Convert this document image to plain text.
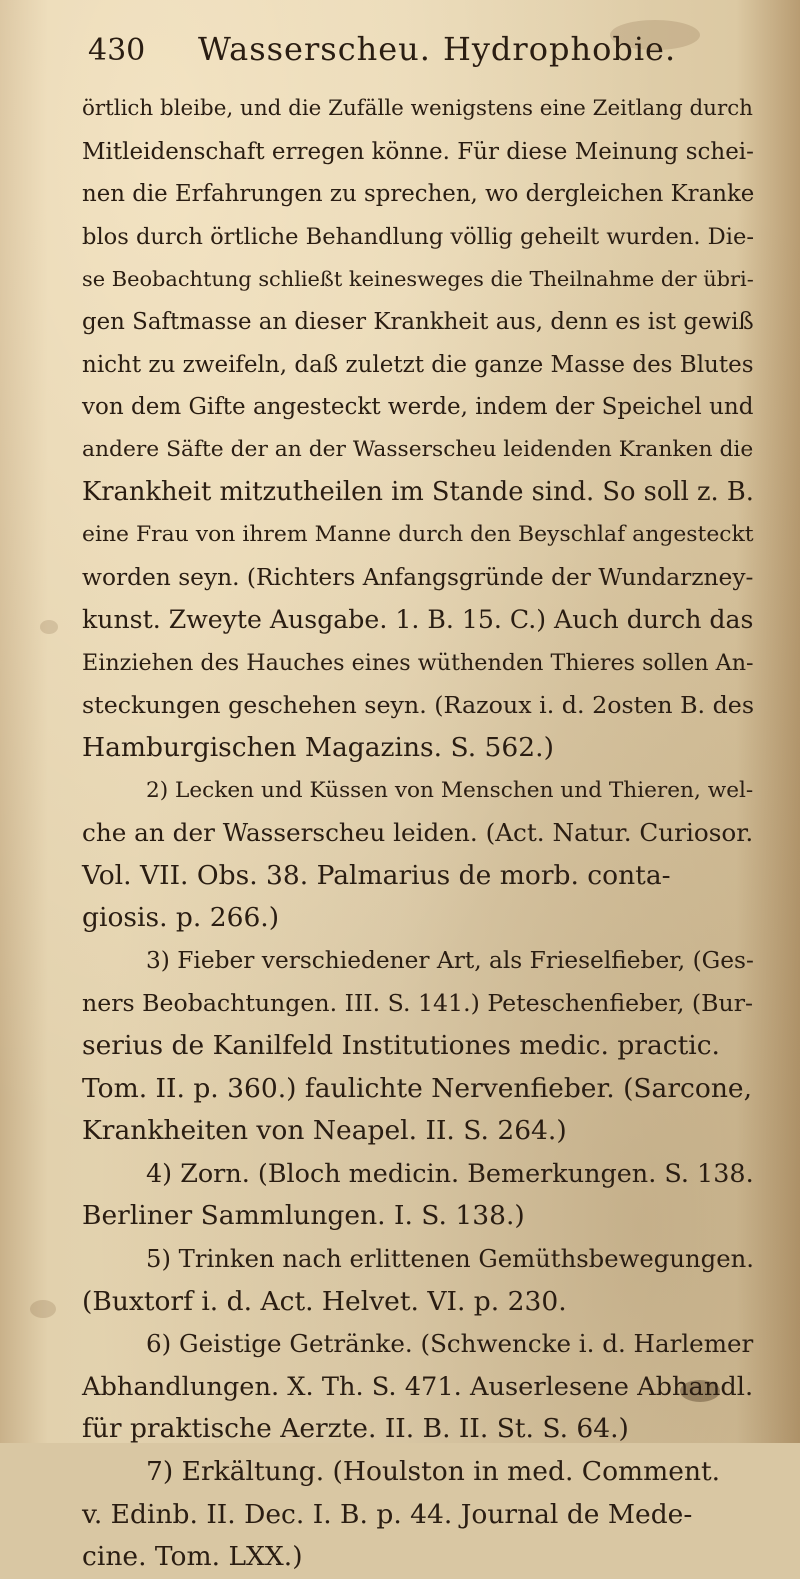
430	Wasserscheu. Hydrophobie.
örtlich bleibe, und die Zufälle wenigstens eine Zeitlang durch
Mitleidenschaft erregen könne. Für diese Meinung schei-
nen die Erfahrungen zu sprechen, wo dergleichen Kranke
blos durch örtliche Behandlung völlig geheilt wurden. Die-
se Beobachtung schließt keinesweges die Theilnahme der übri-
gen Saftmasse an dieser Krankheit aus, denn es ist gewiß
nicht zu zweifeln, daß zuletzt die ganze Masse des Blutes
von dem Gifte angesteckt werde, indem der Speichel und
andere Säfte der an der Wasserscheu leidenden Kranken die
Krankheit mitzutheilen im Stande sind. So soll z. B.
eine Frau von ihrem Manne durch den Beyschlaf angesteckt
worden seyn. (Richters Anfangsgründe der Wundarzney-
kunst. Zweyte Ausgabe. 1. B. 15. C.) Auch durch das
Einziehen des Hauches eines wüthenden Thieres sollen An-
steckungen geschehen seyn. (Razoux i. d. 2osten B. des
Hamburgischen Magazins. S. 562.)
2) Lecken und Küssen von Menschen und Thieren, wel-
che an der Wasserscheu leiden. (Act. Natur. Curiosor.
Vol. VII. Obs. 38. Palmarius de morb. conta-
giosis. p. 266.)
3) Fieber verschiedener Art, als Frieselfieber, (Ges-
ners Beobachtungen. III. S. 141.) Peteschenfieber, (Bur-
serius de Kanilfeld Institutiones medic. practic.
Tom. II. p. 360.) faulichte Nervenfieber. (Sarcone,
Krankheiten von Neapel. II. S. 264.)
4) Zorn. (Bloch medicin. Bemerkungen. S. 138.
Berliner Sammlungen. I. S. 138.)
5) Trinken nach erlittenen Gemüthsbewegungen.
(Buxtorf i. d. Act. Helvet. VI. p. 230.
6) Geistige Getränke. (Schwencke i. d. Harlemer
Abhandlungen. X. Th. S. 471. Auserlesene Abhandl.
für praktische Aerzte. II. B. II. St. S. 64.)
7) Erkältung. (Houlston in med. Comment.
v. Edinb. II. Dec. I. B. p. 44. Journal de Mede-
cine. Tom. LXX.)
